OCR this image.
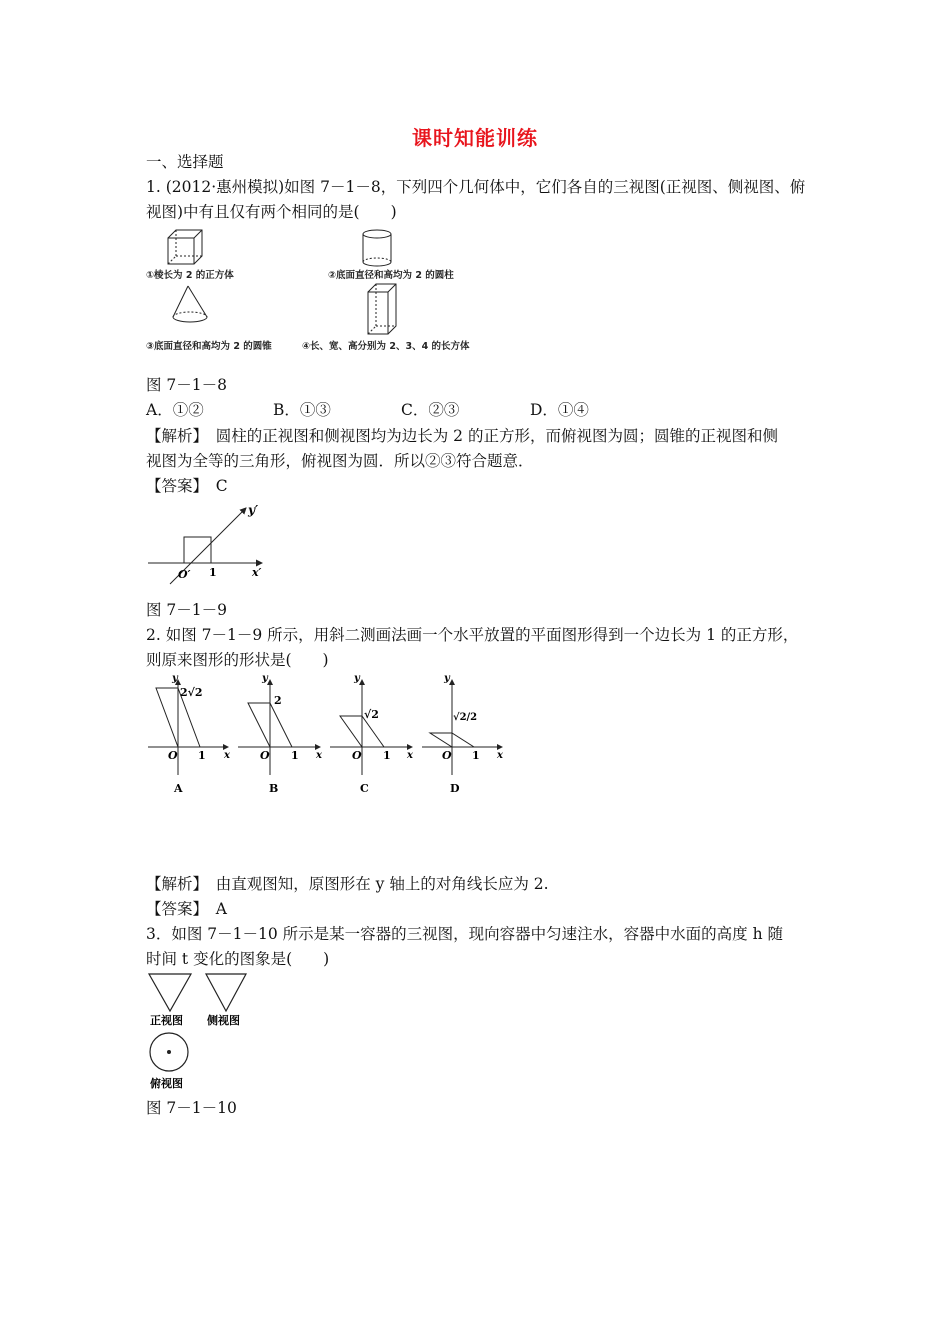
课时知能训练
一、选择题
1. (2012·惠州模拟)如图 7－1－8，下列四个几何体中，它们各自的三视图(正视图、侧视图、俯
视图)中有且仅有两个相同的是(　　)
①棱长为 2 的正方体	②底面直径和高均为 2 的圆柱
③底面直径和高均为 2 的圆锥	④长、宽、高分别为 2、3、4 的长方体
图 7－1－8
A．①②	B．①③	C．②③	D．①④
【解析】　圆柱的正视图和侧视图均为边长为 2 的正方形，而俯视图为圆；圆锥的正视图和侧
视图为全等的三角形，俯视图为圆．所以②③符合题意．
【答案】　C
y′
x′
O′ 1
图 7－1－9
2. 如图 7－1－9 所示，用斜二测画法画一个水平放置的平面图形得到一个边长为 1 的正方形，
则原来图形的形状是(　　)
2√2
y
x
O 1
A
2
y
x
O 1
B
√2
y
x
O 1
C
√2/2
y
x
O 1
D
【解析】　由直观图知，原图形在 y 轴上的对角线长应为 2.
【答案】　A
3．如图 7－1－10 所示是某一容器的三视图，现向容器中匀速注水，容器中水面的高度 h 随
时间 t 变化的图象是(　　)
正视图 侧视图
俯视图
图 7－1－10
